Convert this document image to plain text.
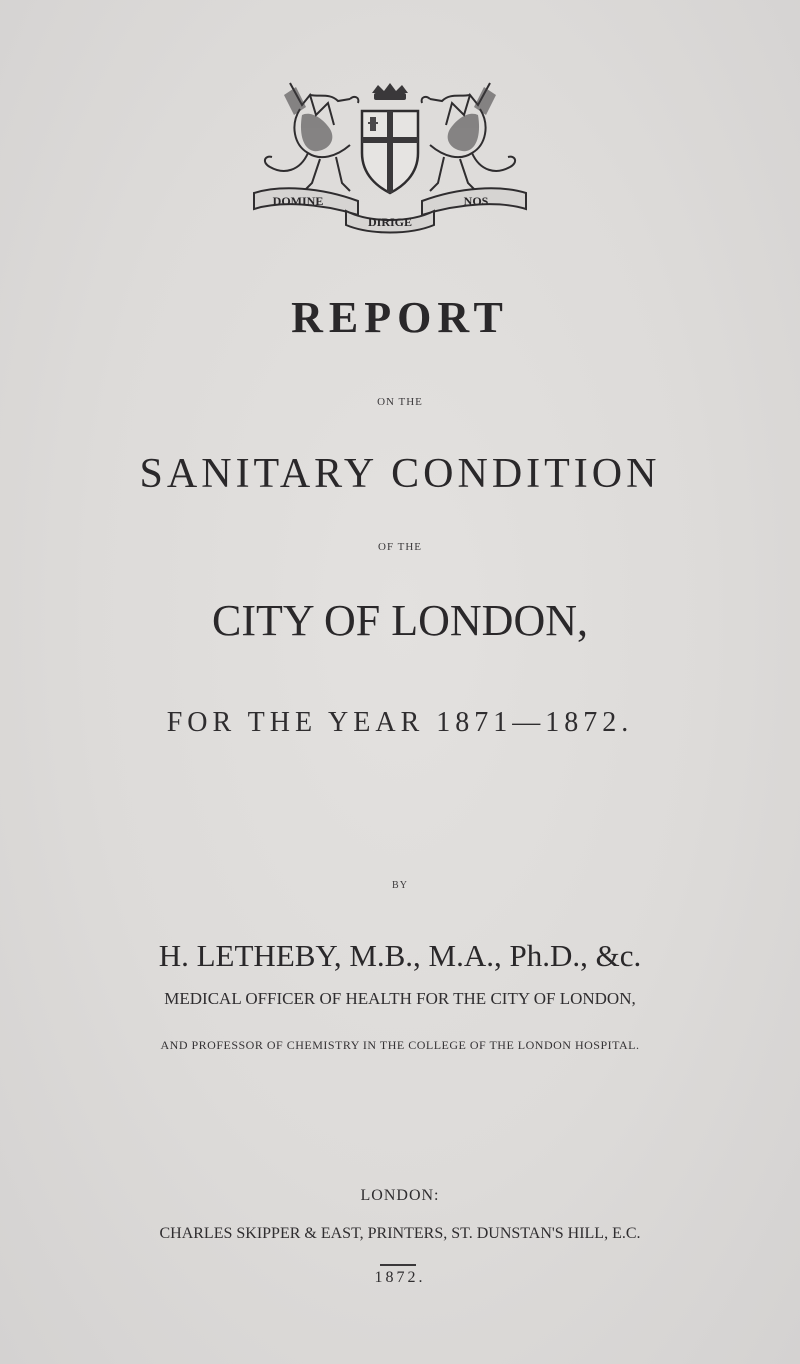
DOMINE	NOS
DIRIGE
REPORT
ON THE
SANITARY CONDITION
OF THE
CITY OF LONDON,
FOR THE YEAR 1871—1872.
BY
H. LETHEBY, M.B., M.A., Ph.D., &c.
MEDICAL OFFICER OF HEALTH FOR THE CITY OF LONDON,
AND PROFESSOR OF CHEMISTRY IN THE COLLEGE OF THE LONDON HOSPITAL.
LONDON:
CHARLES SKIPPER & EAST, PRINTERS, ST. DUNSTAN'S HILL, E.C.
1872.
